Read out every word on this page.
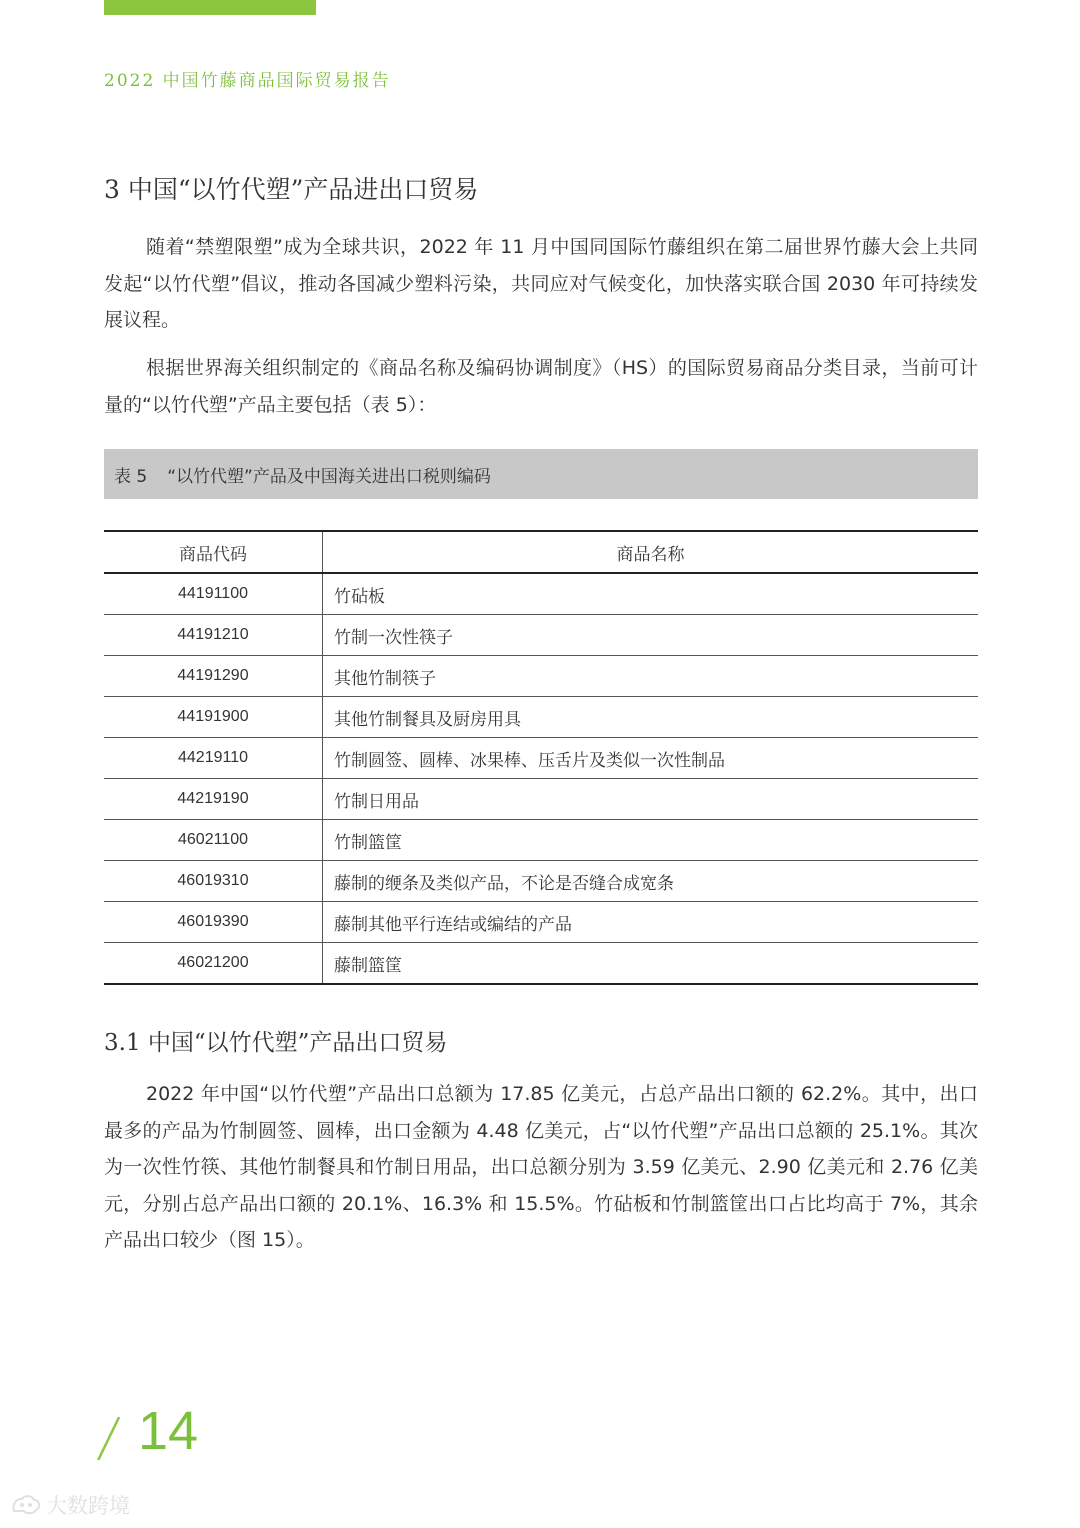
2022 中国竹藤商品国际贸易报告
3 中国“以竹代塑”产品进出口贸易

随着“禁塑限塑”成为全球共识，2022 年 11 月中国同国际竹藤组织在第二届世界竹藤大会上共同发起“以竹代塑”倡议，推动各国减少塑料污染，共同应对气候变化，加快落实联合国 2030 年可持续发展议程。

根据世界海关组织制定的《商品名称及编码协调制度》（HS）的国际贸易商品分类目录，当前可计量的“以竹代塑”产品主要包括（表 5）：

表 5 “以竹代塑”产品及中国海关进出口税则编码
商品代码	商品名称
44191100	竹砧板
44191210	竹制一次性筷子
44191290	其他竹制筷子
44191900	其他竹制餐具及厨房用具
44219110	竹制圆签、圆棒、冰果棒、压舌片及类似一次性制品
44219190	竹制日用品
46021100	竹制篮筐
46019310	藤制的缏条及类似产品，不论是否缝合成宽条
46019390	藤制其他平行连结或编结的产品
46021200	藤制篮筐
3.1 中国“以竹代塑”产品出口贸易

2022 年中国“以竹代塑”产品出口总额为 17.85 亿美元，占总产品出口额的 62.2%。其中，出口最多的产品为竹制圆签、圆棒，出口金额为 4.48 亿美元，占“以竹代塑”产品出口总额的 25.1%。其次为一次性竹筷、其他竹制餐具和竹制日用品，出口总额分别为 3.59 亿美元、2.90 亿美元和 2.76 亿美元，分别占总产品出口额的 20.1%、16.3% 和 15.5%。竹砧板和竹制篮筐出口占比均高于 7%，其余产品出口较少（图 15）。

/ 14
大数跨境
